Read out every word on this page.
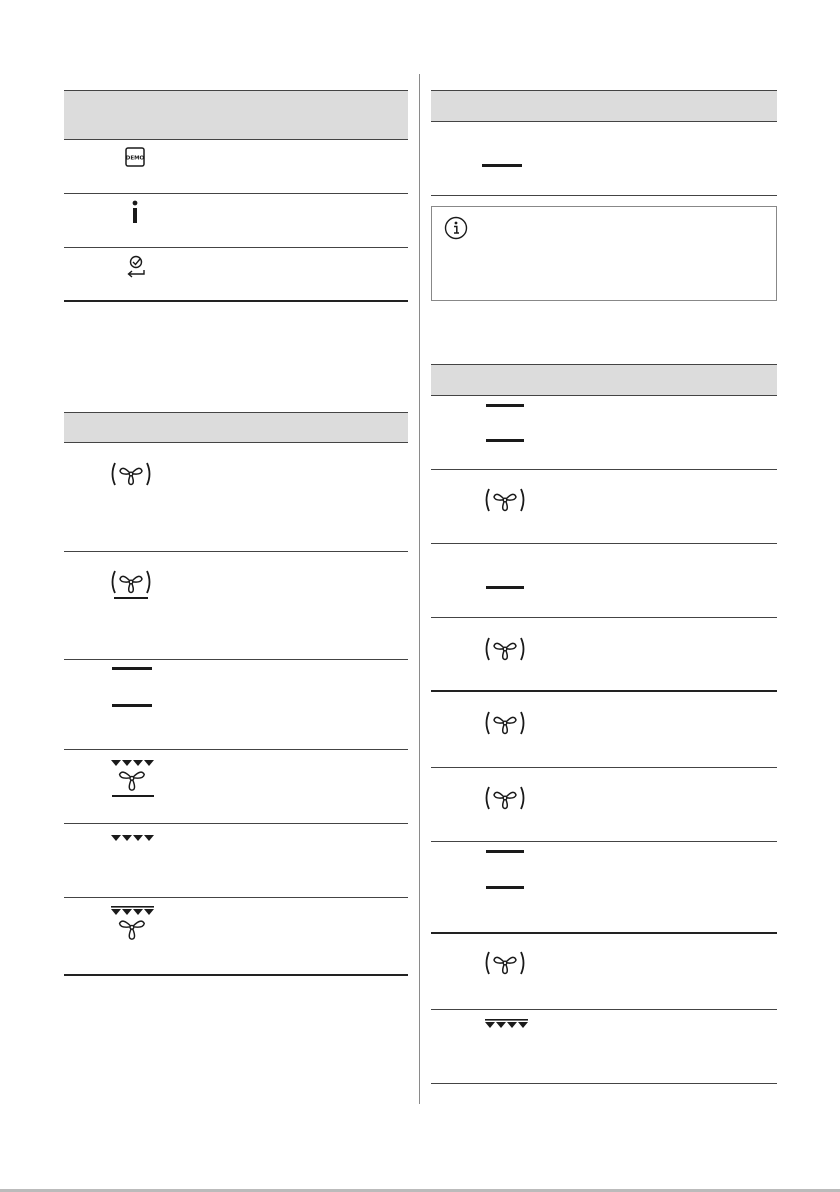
DEMO
